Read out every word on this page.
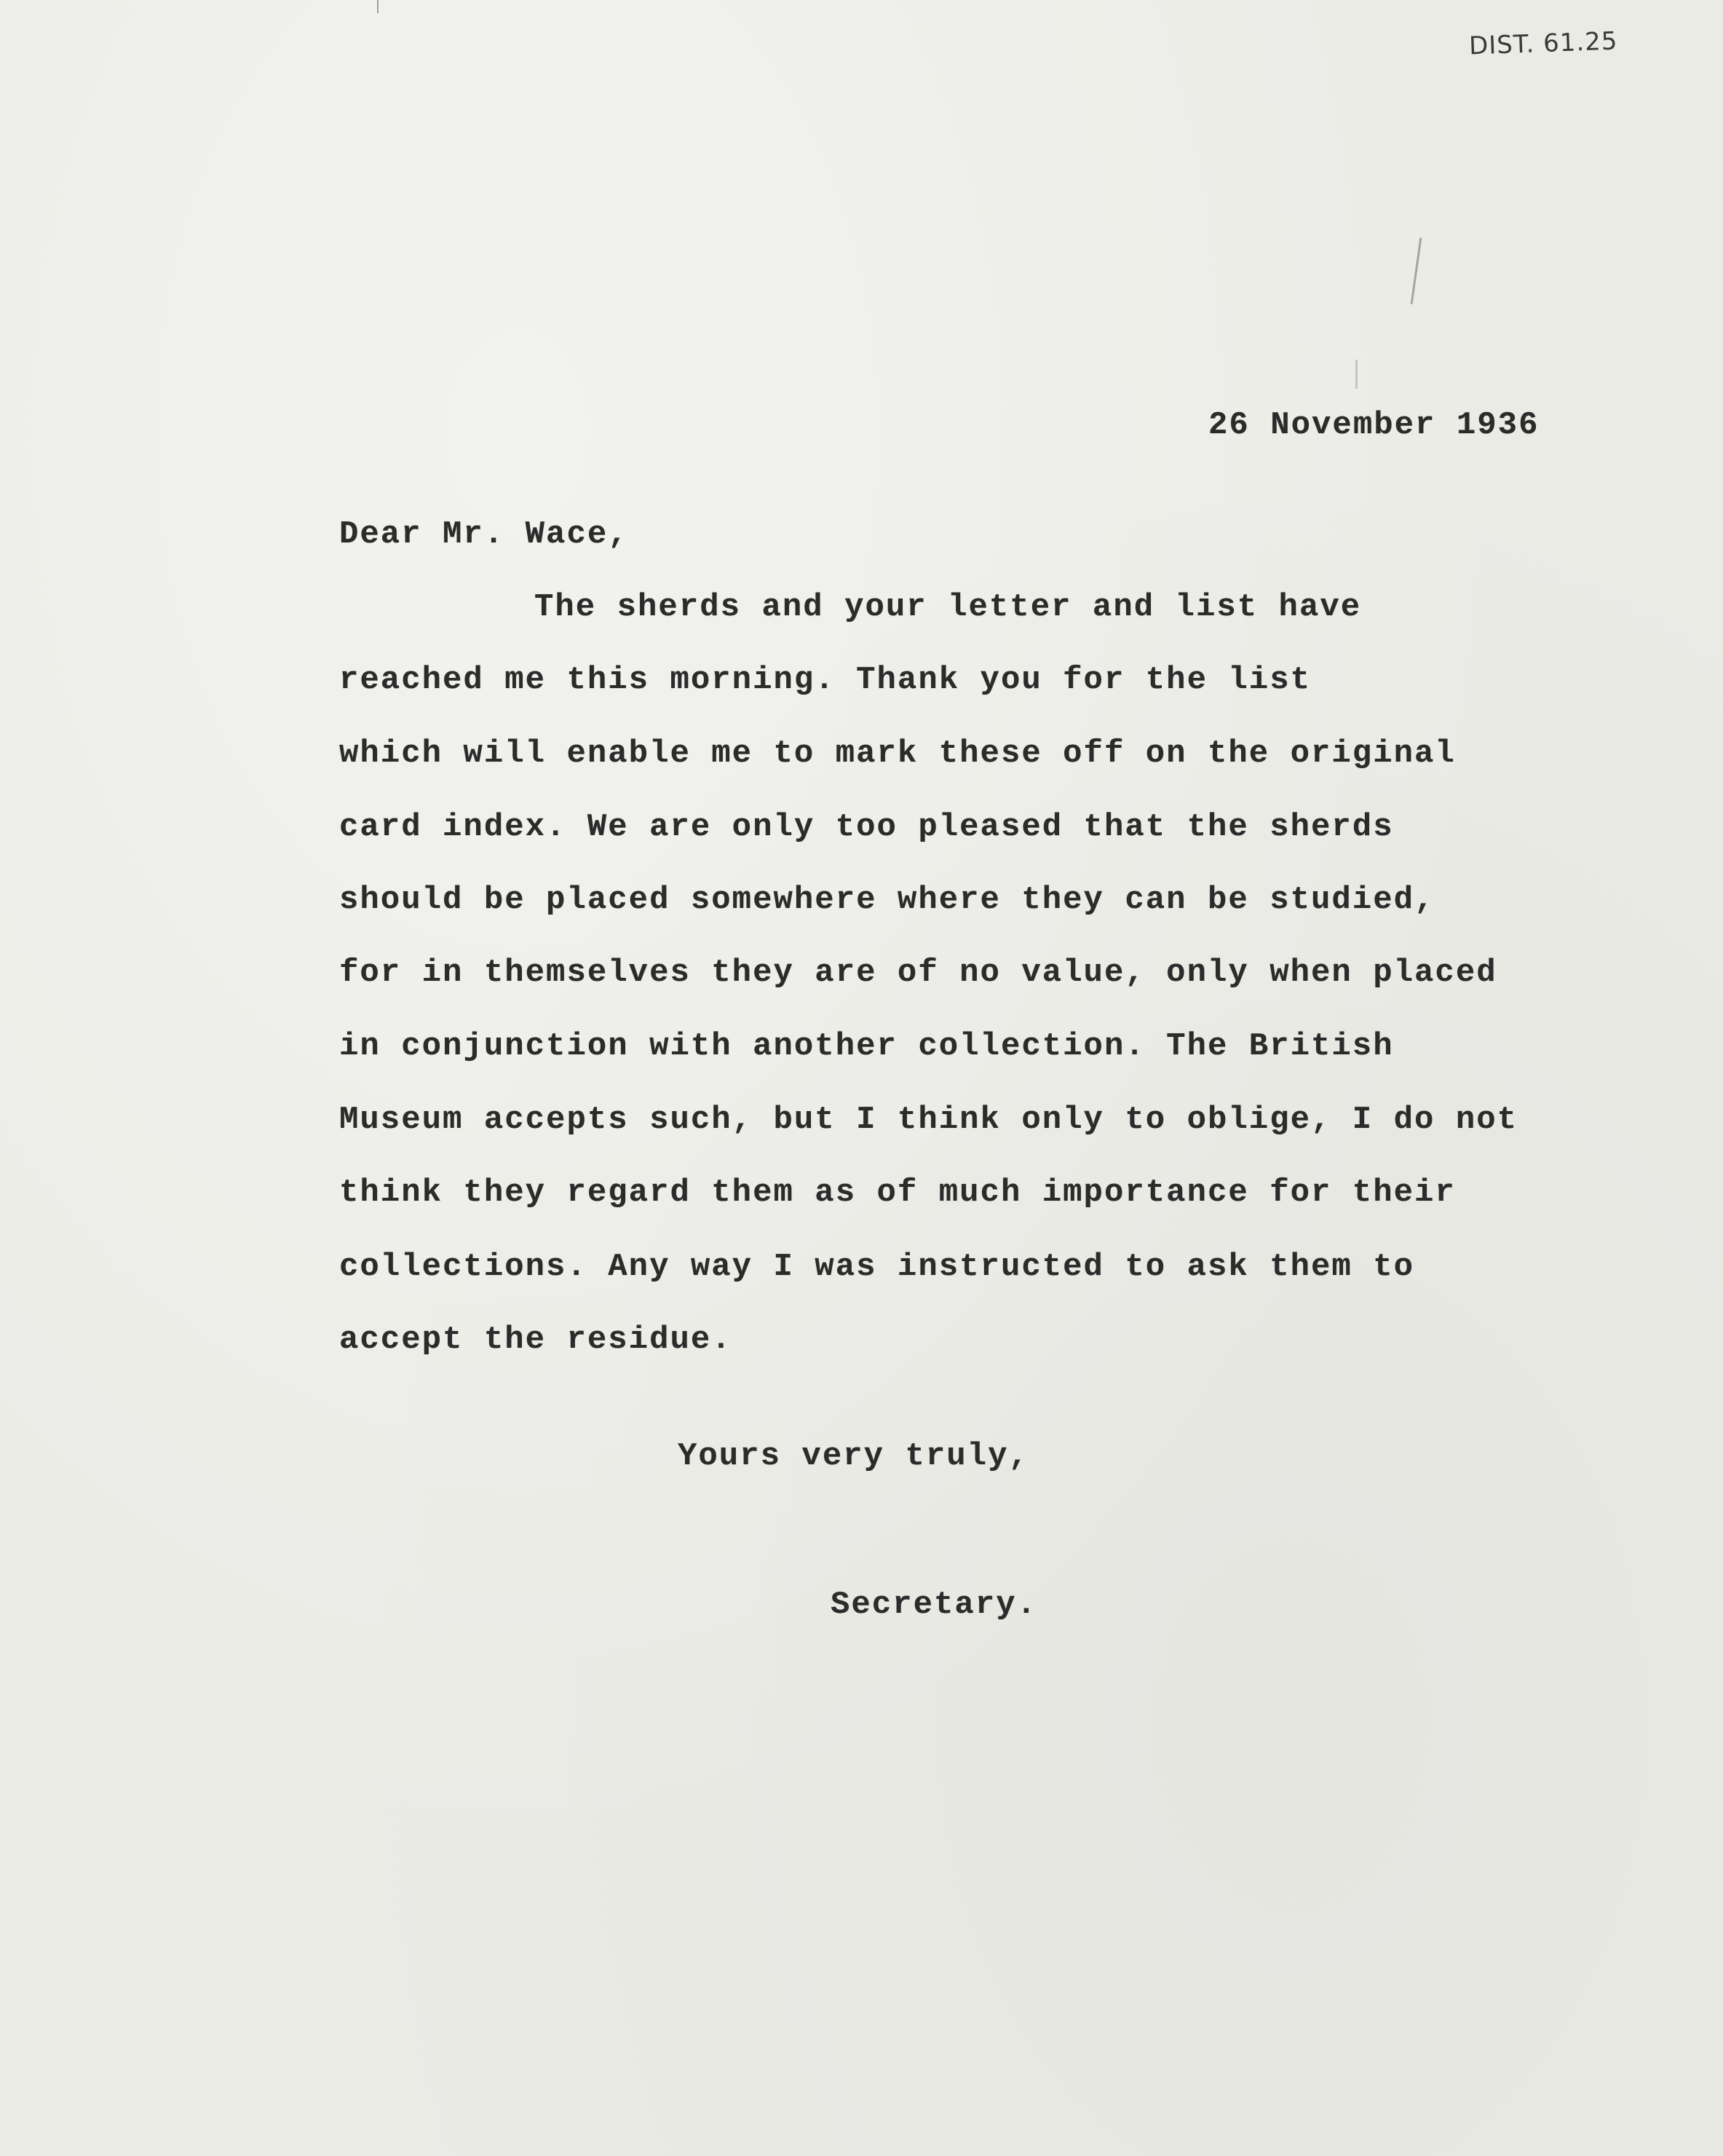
DIST. 61.25
26 November 1936
Dear Mr. Wace,
The sherds and your letter and list have
reached me this morning. Thank you for the list
which will enable me to mark these off on the original
card index. We are only too pleased that the sherds
should be placed somewhere where they can be studied,
for in themselves they are of no value, only when placed
in conjunction with another collection. The British
Museum accepts such, but I think only to oblige, I do not
think they regard them as of much importance for their
collections. Any way I was instructed to ask them to
accept the residue.
Yours very truly,
Secretary.
